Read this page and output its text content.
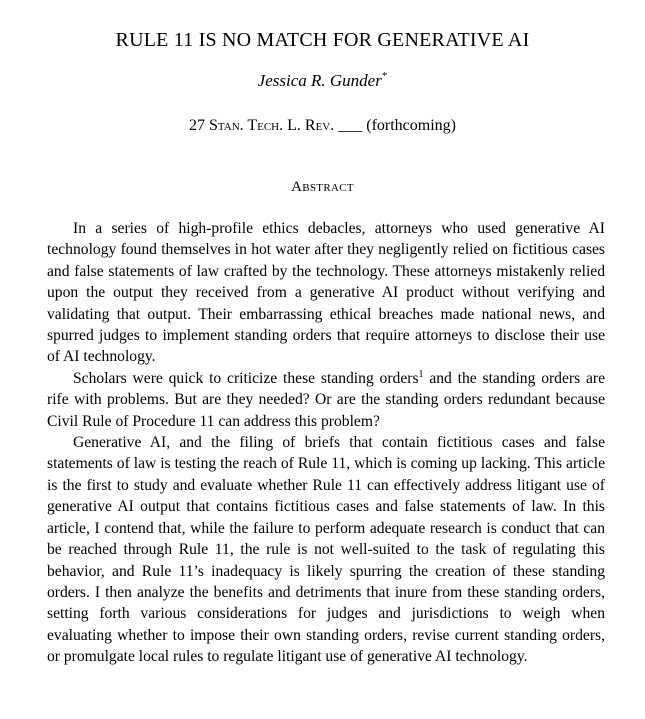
RULE 11 IS NO MATCH FOR GENERATIVE AI
Jessica R. Gunder*
27 Stan. Tech. L. Rev. ___ (forthcoming)
Abstract

In a series of high-profile ethics debacles, attorneys who used generative AI technology found themselves in hot water after they negligently relied on fictitious cases and false statements of law crafted by the technology. These attorneys mistakenly relied upon the output they received from a generative AI product without verifying and validating that output. Their embarrassing ethical breaches made national news, and spurred judges to implement standing orders that require attorneys to disclose their use of AI technology.

Scholars were quick to criticize these standing orders$^1$ and the standing orders are rife with problems. But are they needed? Or are the standing orders redundant because Civil Rule of Procedure 11 can address this problem?

Generative AI, and the filing of briefs that contain fictitious cases and false statements of law is testing the reach of Rule 11, which is coming up lacking. This article is the first to study and evaluate whether Rule 11 can effectively address litigant use of generative AI output that contains fictitious cases and false statements of law. In this article, I contend that, while the failure to perform adequate research is conduct that can be reached through Rule 11, the rule is not well-suited to the task of regulating this behavior, and Rule 11’s inadequacy is likely spurring the creation of these standing orders. I then analyze the benefits and detriments that inure from these standing orders, setting forth various considerations for judges and jurisdictions to weigh when evaluating whether to impose their own standing orders, revise current standing orders, or promulgate local rules to regulate litigant use of generative AI technology.
